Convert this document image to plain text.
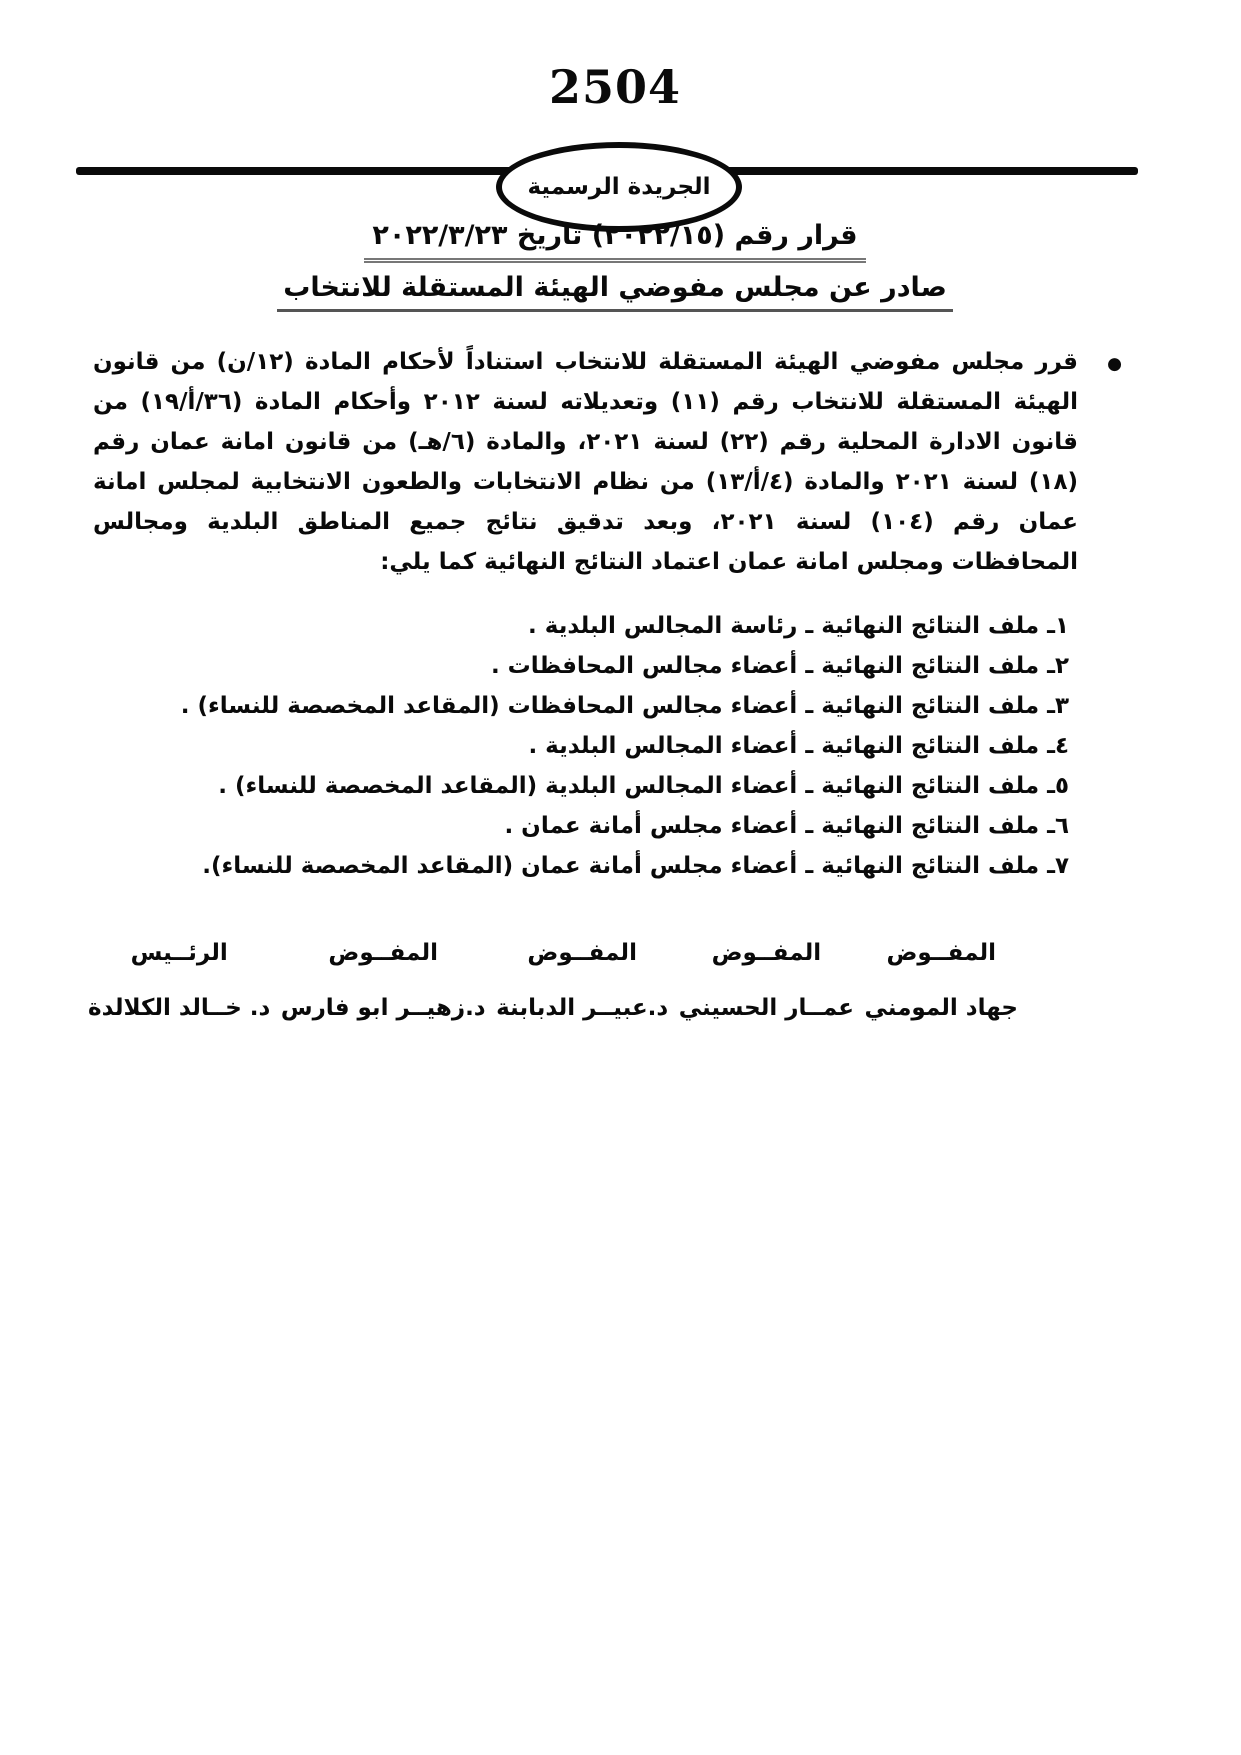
2504
الجريدة الرسمية
قرار رقم (٢٠٢٢/١٥) تاريخ ٢٠٢٢/٣/٢٣
صادر عن مجلس مفوضي الهيئة المستقلة للانتخاب
●
قرر مجلس مفوضي الهيئة المستقلة للانتخاب استناداً لأحكام المادة (١٢/ن) من قانون الهيئة المستقلة للانتخاب رقم (١١) وتعديلاته لسنة ٢٠١٢ وأحكام المادة (٣٦/أ/١٩) من قانون الادارة المحلية رقم (٢٢) لسنة ٢٠٢١، والمادة (٦/هـ) من قانون امانة عمان رقم (١٨) لسنة ٢٠٢١ والمادة (٤/أ/١٣) من نظام الانتخابات والطعون الانتخابية لمجلس امانة عمان رقم (١٠٤) لسنة ٢٠٢١، وبعد تدقيق نتائج جميع المناطق البلدية ومجالس المحافظات ومجلس امانة عمان اعتماد النتائج النهائية كما يلي:
١ـ ملف النتائج النهائية ـ رئاسة المجالس البلدية .
٢ـ ملف النتائج النهائية ـ أعضاء مجالس المحافظات .
٣ـ ملف النتائج النهائية ـ أعضاء مجالس المحافظات (المقاعد المخصصة للنساء) .
٤ـ ملف النتائج النهائية ـ أعضاء المجالس البلدية .
٥ـ ملف النتائج النهائية ـ أعضاء المجالس البلدية (المقاعد المخصصة للنساء) .
٦ـ ملف النتائج النهائية ـ أعضاء مجلس أمانة عمان .
٧ـ ملف النتائج النهائية ـ أعضاء مجلس أمانة عمان (المقاعد المخصصة للنساء).
المفــوض
جهاد المومني
المفــوض
عمــار الحسيني
المفــوض
د.عبيــر الدبابنة
المفــوض
د.زهيــر ابو فارس
الرئــيس
د. خــالد الكلالدة
